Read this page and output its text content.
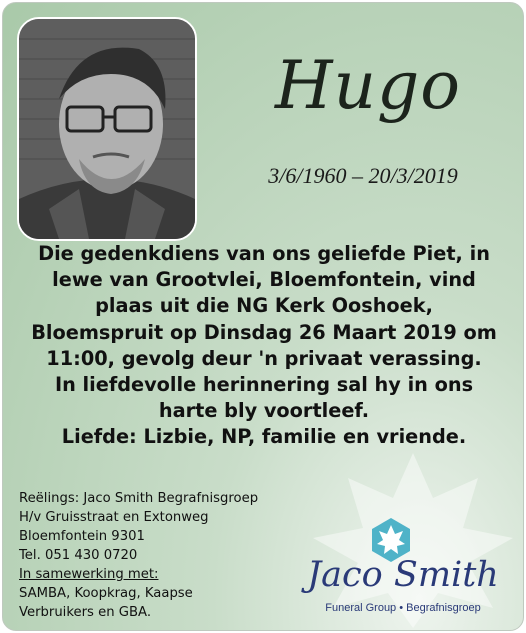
Hugo
3/6/1960 – 20/3/2019
Die gedenkdiens van ons geliefde Piet, in
lewe van Grootvlei, Bloemfontein, vind
plaas uit die NG Kerk Ooshoek,
Bloemspruit op Dinsdag 26 Maart 2019 om
11:00, gevolg deur 'n privaat verassing.
In liefdevolle herinnering sal hy in ons
harte bly voortleef.
Liefde: Lizbie, NP, familie en vriende.
Reëlings: Jaco Smith Begrafnisgroep
H/v Gruisstraat en Extonweg
Bloemfontein 9301
Tel. 051 430 0720
In samewerking met:
SAMBA, Koopkrag, Kaapse
Verbruikers en GBA.
Jaco Smith
Funeral Group • Begrafnisgroep
